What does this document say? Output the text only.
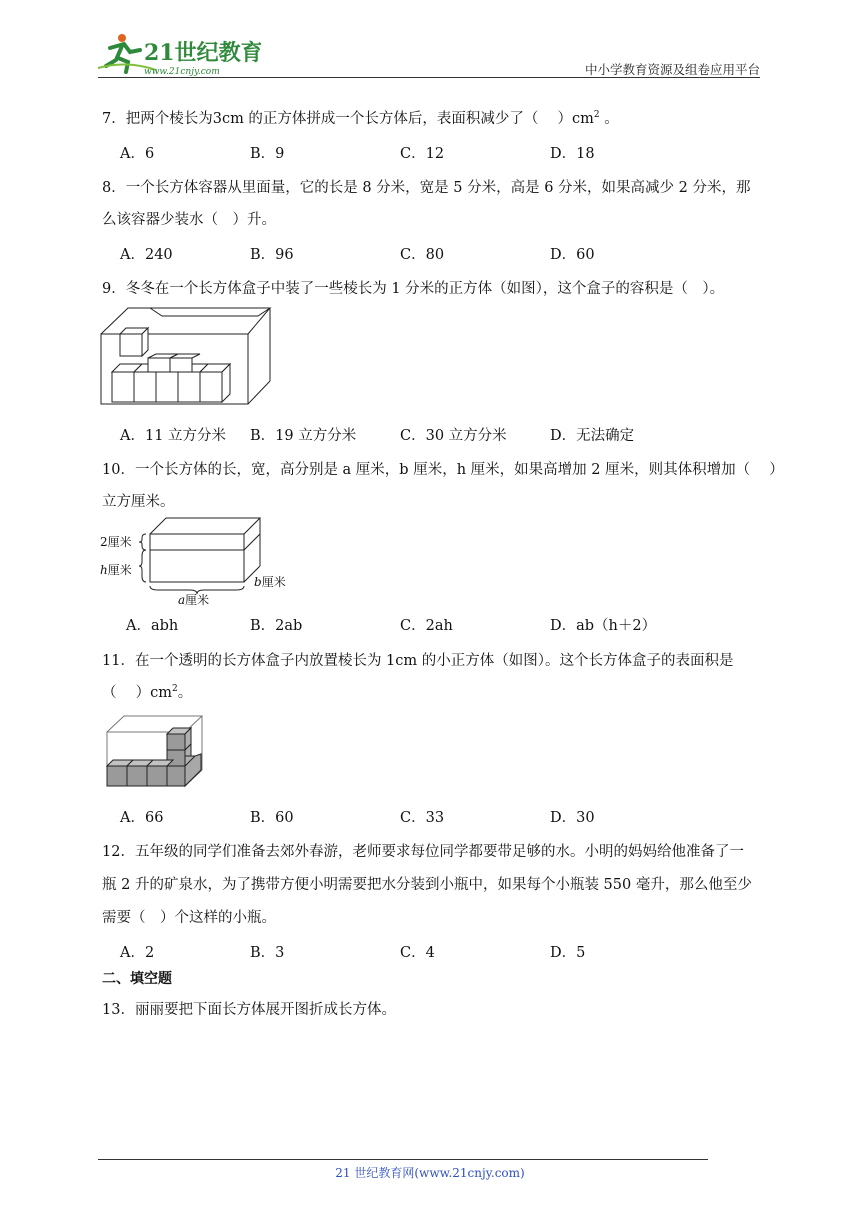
21世纪教育
www.21cnjy.com	中小学教育资源及组卷应用平台
7．把两个棱长为3cm 的正方体拼成一个长方体后，表面积减少了（　 ）$cm^2$ 。
A．6	B．9	C．12	D．18
8．一个长方体容器从里面量，它的长是 8 分米，宽是 5 分米，高是 6 分米，如果高减少 2 分米，那
么该容器少装水（　）升。
A．240	B．96	C．80	D．60
9．冬冬在一个长方体盒子中装了一些棱长为 1 分米的正方体（如图），这个盒子的容积是（　）。
A．11 立方分米 B．19 立方分米	C．30 立方分米	D．无法确定
10．一个长方体的长，宽，高分别是 a 厘米，b 厘米，h 厘米，如果高增加 2 厘米，则其体积增加（　 ）
立方厘米。
2厘米
h厘米
b厘米
a厘米
A．abh	B．2ab	C．2ah	D．ab（h＋2）
11．在一个透明的长方体盒子内放置棱长为 1cm 的小正方体（如图）。这个长方体盒子的表面积是
（　 ）$cm^2$。
A．66	B．60	C．33	D．30
12．五年级的同学们准备去郊外春游，老师要求每位同学都要带足够的水。小明的妈妈给他准备了一
瓶 2 升的矿泉水，为了携带方便小明需要把水分装到小瓶中，如果每个小瓶装 550 毫升，那么他至少
需要（　）个这样的小瓶。
A．2	B．3	C．4	D．5
二、填空题
13．丽丽要把下面长方体展开图折成长方体。
21 世纪教育网(www.21cnjy.com)
